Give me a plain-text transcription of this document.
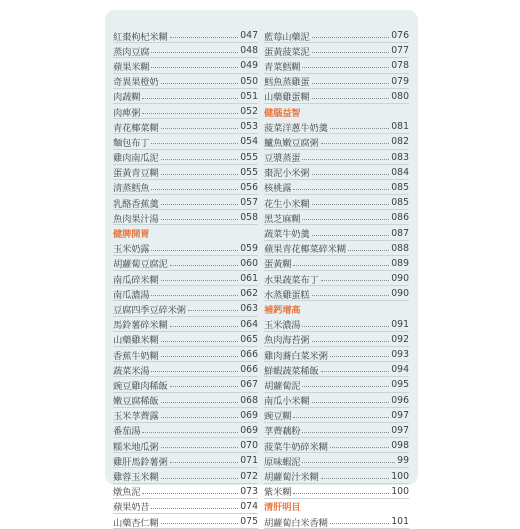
紅棗枸杞米糊	047
蒸肉豆腐	048
蘋果米糊	049
奇異果橙奶	050
肉蔬糊	051
肉痺粥	052
青花椰菜糊	053
麵包布丁	054
雞肉南瓜泥	055
蛋黃青豆糊	055
清蒸鱈魚	056
乳酪香蕉羹	057
魚肉果汁湯	058
健脾開胃
玉米奶露	059
胡蘿蔔豆腐泥	060
南瓜碎米糊	061
南瓜濃湯	062
豆腐四季豆碎米粥	063
馬鈴薯碎米糊	064
山藥雞米糊	065
香蕉牛奶糊	066
蔬菜米湯	066
豌豆雞肉稀飯	067
嫩豆腐稀飯	068
玉米莩薺露	069
番茄湯	069
糯米地瓜粥	070
雞肝馬鈴薯粥	071
雞蓉玉米糊	072
燉魚泥	073
蘋果奶昔	074
山藥杏仁糊	075
藍莓山藥泥	076
蛋黃菠菜泥	077
青菜鱈糊	078
鱈魚蒸雞蛋	079
山藥雞蛋糊	080
健腦益智
菠菜洋蔥牛奶羹	081
鱸魚嫩豆腐粥	082
豆漿蒸蛋	083
棗泥小米粥	084
核桃露	085
花生小米糊	085
黑芝麻糊	086
蔬菜牛奶羹	087
蘋果青花椰菜碎米糊	088
蛋黃糊	089
水果蔬菜布丁	090
水蒸雞蛋糕	090
補鈣增高
玉米濃湯	091
魚肉海苔粥	092
雞肉蕎白菜米粥	093
鮮蝦蔬菜稀飯	094
胡蘿蔔泥	095
南瓜小米糊	096
豌豆糊	097
莩薺藕粉	097
菠菜牛奶碎米糊	098
原味蝦泥	99
胡蘿蔔汁米糊	100
紫米糊	100
清肝明目
胡蘿蔔白米香糊	101
